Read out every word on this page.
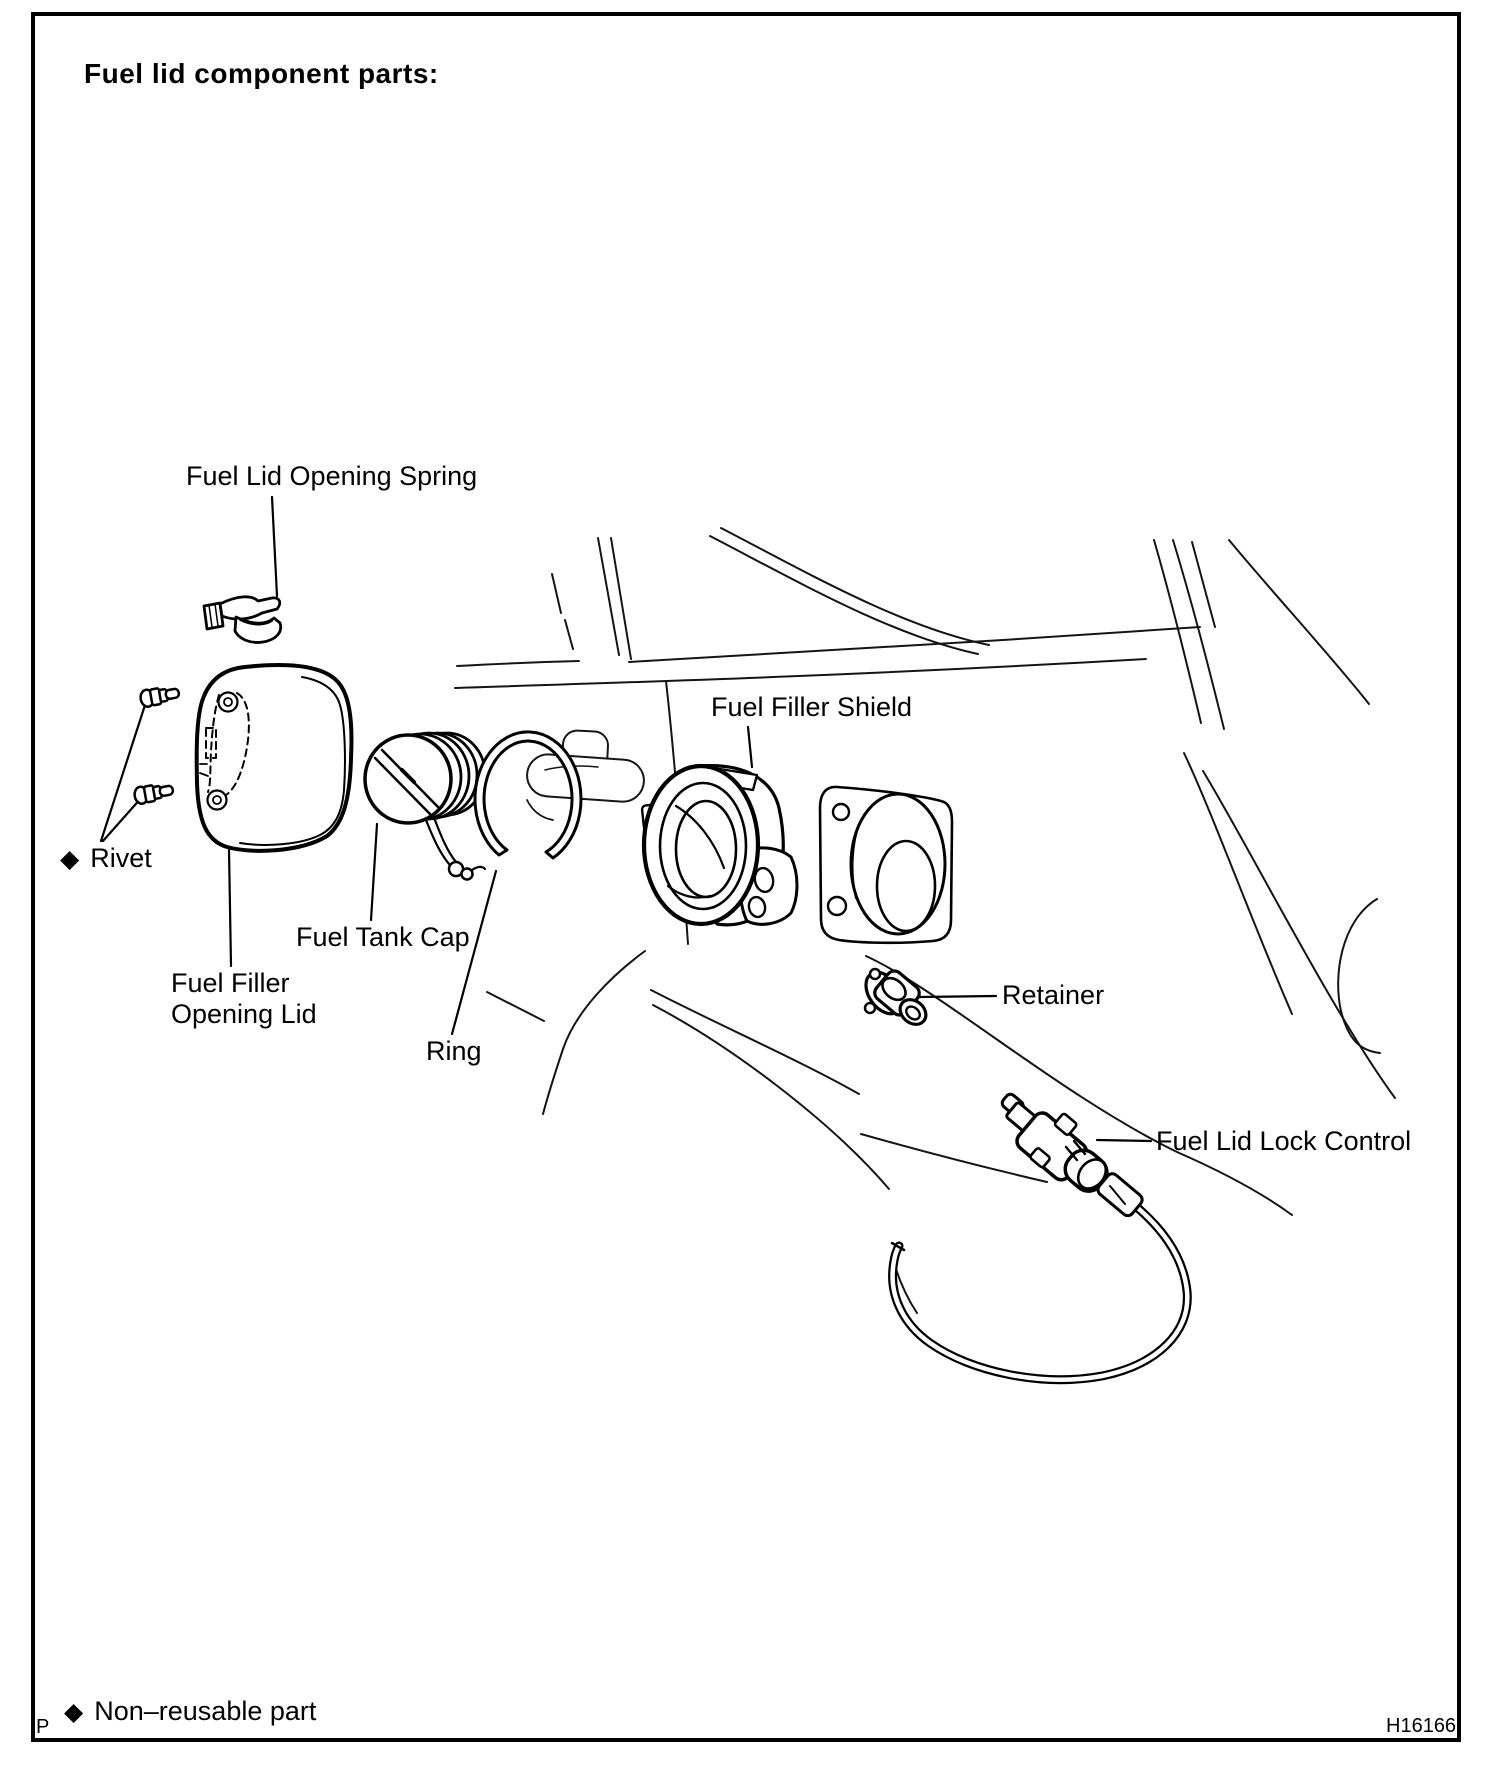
Fuel lid component parts:
Fuel Lid Opening Spring
◆ Rivet
Fuel Filler
Opening Lid
Fuel Tank Cap
Ring
Fuel Filler Shield
Retainer
Fuel Lid Lock Control
◆ Non–reusable part
P	H16166
